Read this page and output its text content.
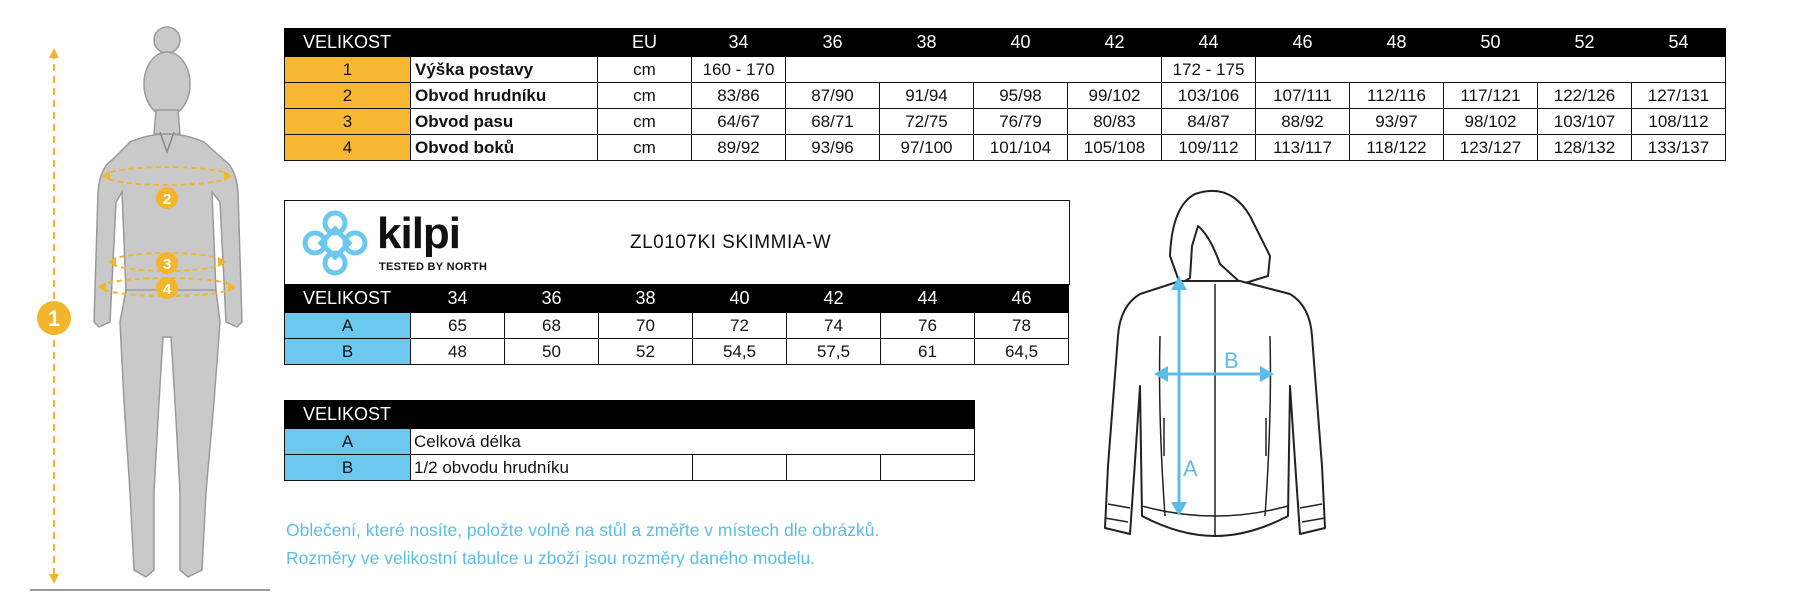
1
2
3
4
VELIKOST		EU	34	36	38	40	42	44	46	48	50	52	54
1	Výška postavy	cm	160 - 170					172 - 175					
2	Obvod hrudníku	cm	83/86	87/90	91/94	95/98	99/102	103/106	107/111	112/116	117/121	122/126	127/131
3	Obvod pasu	cm	64/67	68/71	72/75	76/79	80/83	84/87	88/92	93/97	98/102	103/107	108/112
4	Obvod boků	cm	89/92	93/96	97/100	101/104	105/108	109/112	113/117	118/122	123/127	128/132	133/137
kilpi
TESTED BY NORTH
ZL0107KI SKIMMIA-W
VELIKOST	34	36	38	40	42	44	46
A	65	68	70	72	74	76	78
B	48	50	52	54,5	57,5	61	64,5
VELIKOST				
A	Celková délka			
B	1/2 obvodu hrudníku			
Oblečení, které nosíte, položte volně na stůl a změřte v místech dle obrázků.
Rozměry ve velikostní tabulce u zboží jsou rozměry daného modelu.
A
B
